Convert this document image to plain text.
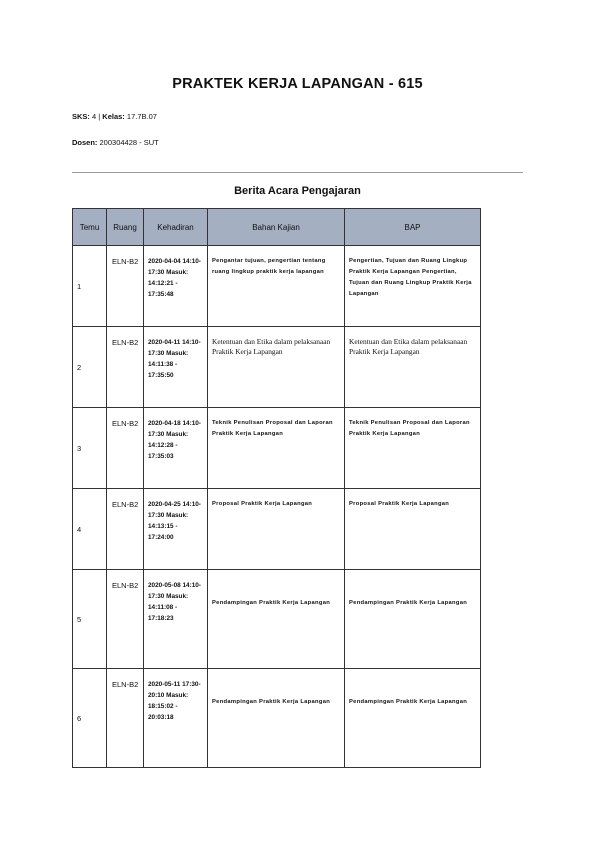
PRAKTEK KERJA LAPANGAN - 615
SKS: 4 | Kelas: 17.7B.07
Dosen: 200304428 - SUT
Berita Acara Pengajaran
Temu	Ruang	Kehadiran	Bahan Kajian	BAP
1	ELN-B2	2020-04-04 14:10-17:30 Masuk: 14:12:21 - 17:35:48	Pengantar tujuan, pengertian tentang ruang lingkup praktik kerja lapangan	Pengertian, Tujuan dan Ruang Lingkup Praktik Kerja Lapangan Pengertian, Tujuan dan Ruang Lingkup Praktik Kerja Lapangan
2	ELN-B2	2020-04-11 14:10-17:30 Masuk: 14:11:38 - 17:35:50	Ketentuan dan Etika dalam pelaksanaan Praktik Kerja Lapangan	Ketentuan dan Etika dalam pelaksanaan Praktik Kerja Lapangan
3	ELN-B2	2020-04-18 14:10-17:30 Masuk: 14:12:28 - 17:35:03	Teknik Penulisan Proposal dan Laporan Praktik Kerja Lapangan	Teknik Penulisan Proposal dan Laporan Praktik Kerja Lapangan
4	ELN-B2	2020-04-25 14:10-17:30 Masuk: 14:13:15 - 17:24:00	Proposal Praktik Kerja Lapangan	Proposal Praktik Kerja Lapangan
5	ELN-B2	2020-05-08 14:10-17:30 Masuk: 14:11:08 - 17:18:23	Pendampingan Praktik Kerja Lapangan	Pendampingan Praktik Kerja Lapangan
6	ELN-B2	2020-05-11 17:30-20:10 Masuk: 18:15:02 - 20:03:18	Pendampingan Praktik Kerja Lapangan	Pendampingan Praktik Kerja Lapangan
